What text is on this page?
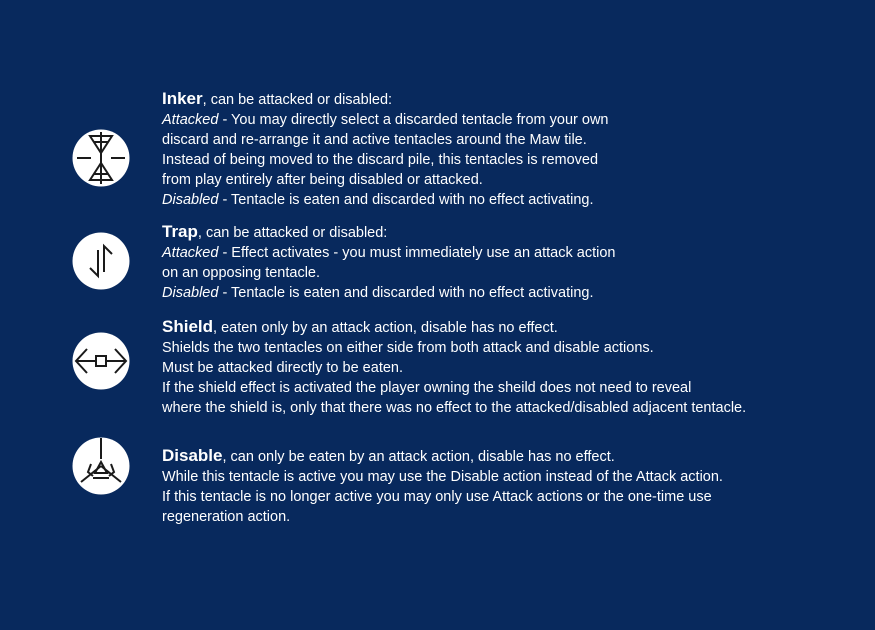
Inker, can be attacked or disabled:
Attacked - You may directly select a discarded tentacle from your own
discard and re-arrange it and active tentacles around the Maw tile.
Instead of being moved to the discard pile, this tentacles is removed
from play entirely after being disabled or attacked.
Disabled - Tentacle is eaten and discarded with no effect activating.
Trap, can be attacked or disabled:
Attacked - Effect activates - you must immediately use an attack action
on an opposing tentacle.
Disabled - Tentacle is eaten and discarded with no effect activating.
Shield, eaten only by an attack action, disable has no effect.
Shields the two tentacles on either side from both attack and disable actions.
Must be attacked directly to be eaten.
If the shield effect is activated the player owning the sheild does not need to reveal
where the shield is, only that there was no effect to the attacked/disabled adjacent tentacle.
Disable, can only be eaten by an attack action, disable has no effect.
While this tentacle is active you may use the Disable action instead of the Attack action.
If this tentacle is no longer active you may only use Attack actions or the one-time use
regeneration action.
